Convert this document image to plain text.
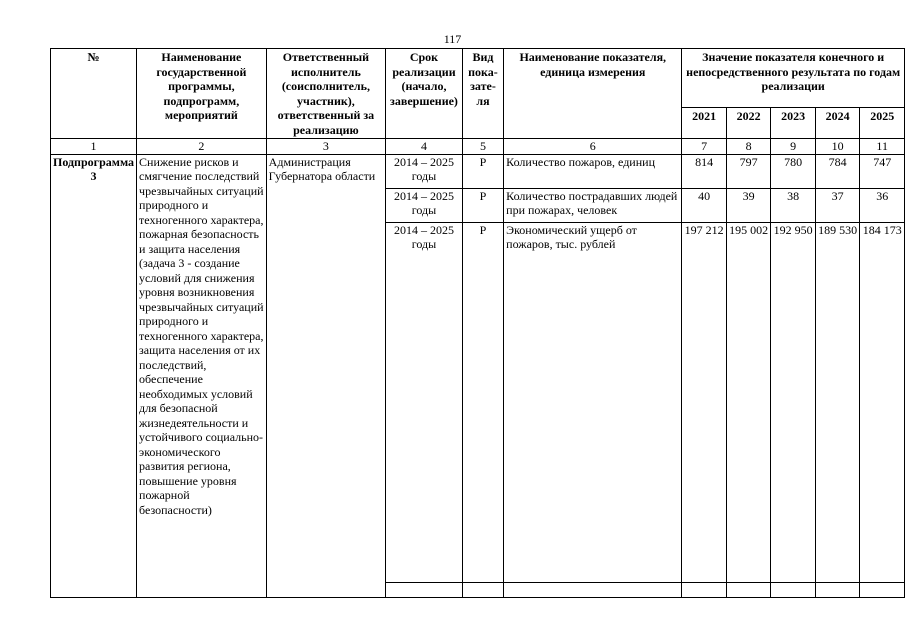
117
№	Наименование государственной программы, подпрограмм, мероприятий	Ответственный исполнитель (соисполнитель, участник), ответственный за реализацию	Срок реализации (начало, завершение)	Вид пока-зате-ля	Наименование показателя, единица измерения	Значение показателя конечного и непосредственного результата по годам реализации				
						2021	2022	2023	2024	2025
1	2	3	4	5	6	7	8	9	10	11
Подпрограмма 3	Снижение рисков и смягчение последствий чрезвычайных ситуаций природного и техногенного характера, пожарная безопасность и защита населения (задача 3 - создание условий для снижения уровня возникновения чрезвычайных ситуаций природного и техногенного характера, защита населения от их последствий, обеспечение необходимых условий для безопасной жизнедеятельности и устойчивого социально-экономического развития региона, повышение уровня пожарной безопасности)	Администрация Губернатора области	2014 – 2025 годы	Р	Количество пожаров, единиц	814	797	780	784	747
			2014 – 2025 годы	Р	Количество пострадавших людей при пожарах, человек	40	39	38	37	36
			2014 – 2025 годы	Р	Экономический ущерб от пожаров, тыс. рублей	197 212	195 002	192 950	189 530	184 173
